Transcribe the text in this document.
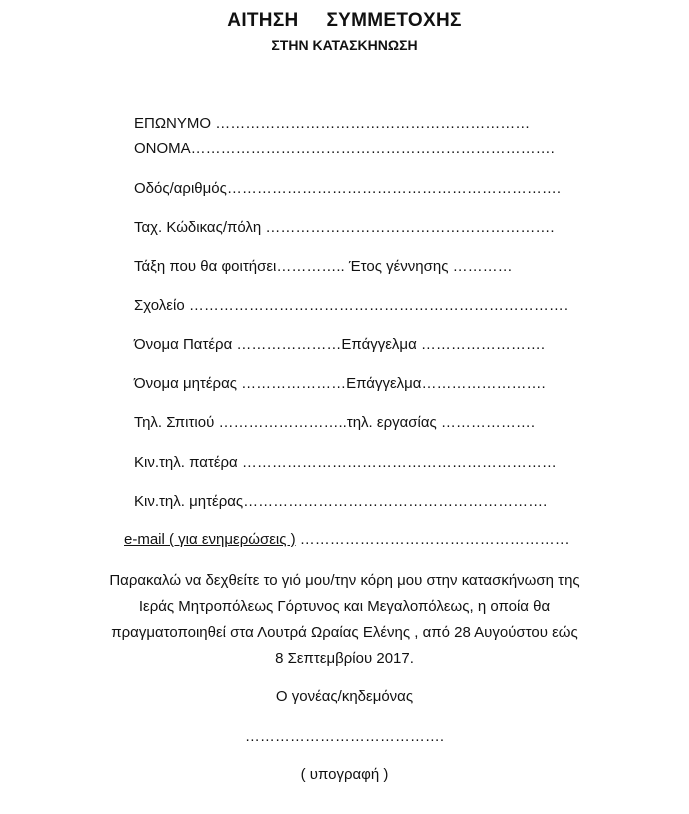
ΑΙΤΗΣΗ     ΣΥΜΜΕΤΟΧΗΣ
ΣΤΗΝ ΚΑΤΑΣΚΗΝΩΣΗ
ΕΠΩΝΥΜΟ ………………………………………………………
ΟΝΟΜΑ……………………………………………………………….
Οδός/αριθμός………………………………………………………….
Ταχ. Κώδικας/πόλη ………………………………………………….
Τάξη που θα φοιτήσει………….. Έτος γέννησης …………
Σχολείο ………………………………………………………………….
Όνομα Πατέρα …………………Επάγγελμα …………………….
Όνομα μητέρας …………………Επάγγελμα…………………….
Τηλ. Σπιτιού ……………………..τηλ. εργασίας ……………….
Κιν.τηλ. πατέρα ………………………………………………………
Κιν.τηλ. μητέρας…………………………………………………….
e-mail ( για ενημερώσεις ) ………………………………………………
Παρακαλώ να δεχθείτε το γιό μου/την κόρη μου στην κατασκήνωση της
Ιεράς Μητροπόλεως Γόρτυνος και Μεγαλοπόλεως, η οποία θα
πραγματοποιηθεί στα Λουτρά Ωραίας Ελένης , από 28 Αυγούστου εώς
8 Σεπτεμβρίου 2017.
Ο γονέας/κηδεμόνας
………………………………….
( υπογραφή )
